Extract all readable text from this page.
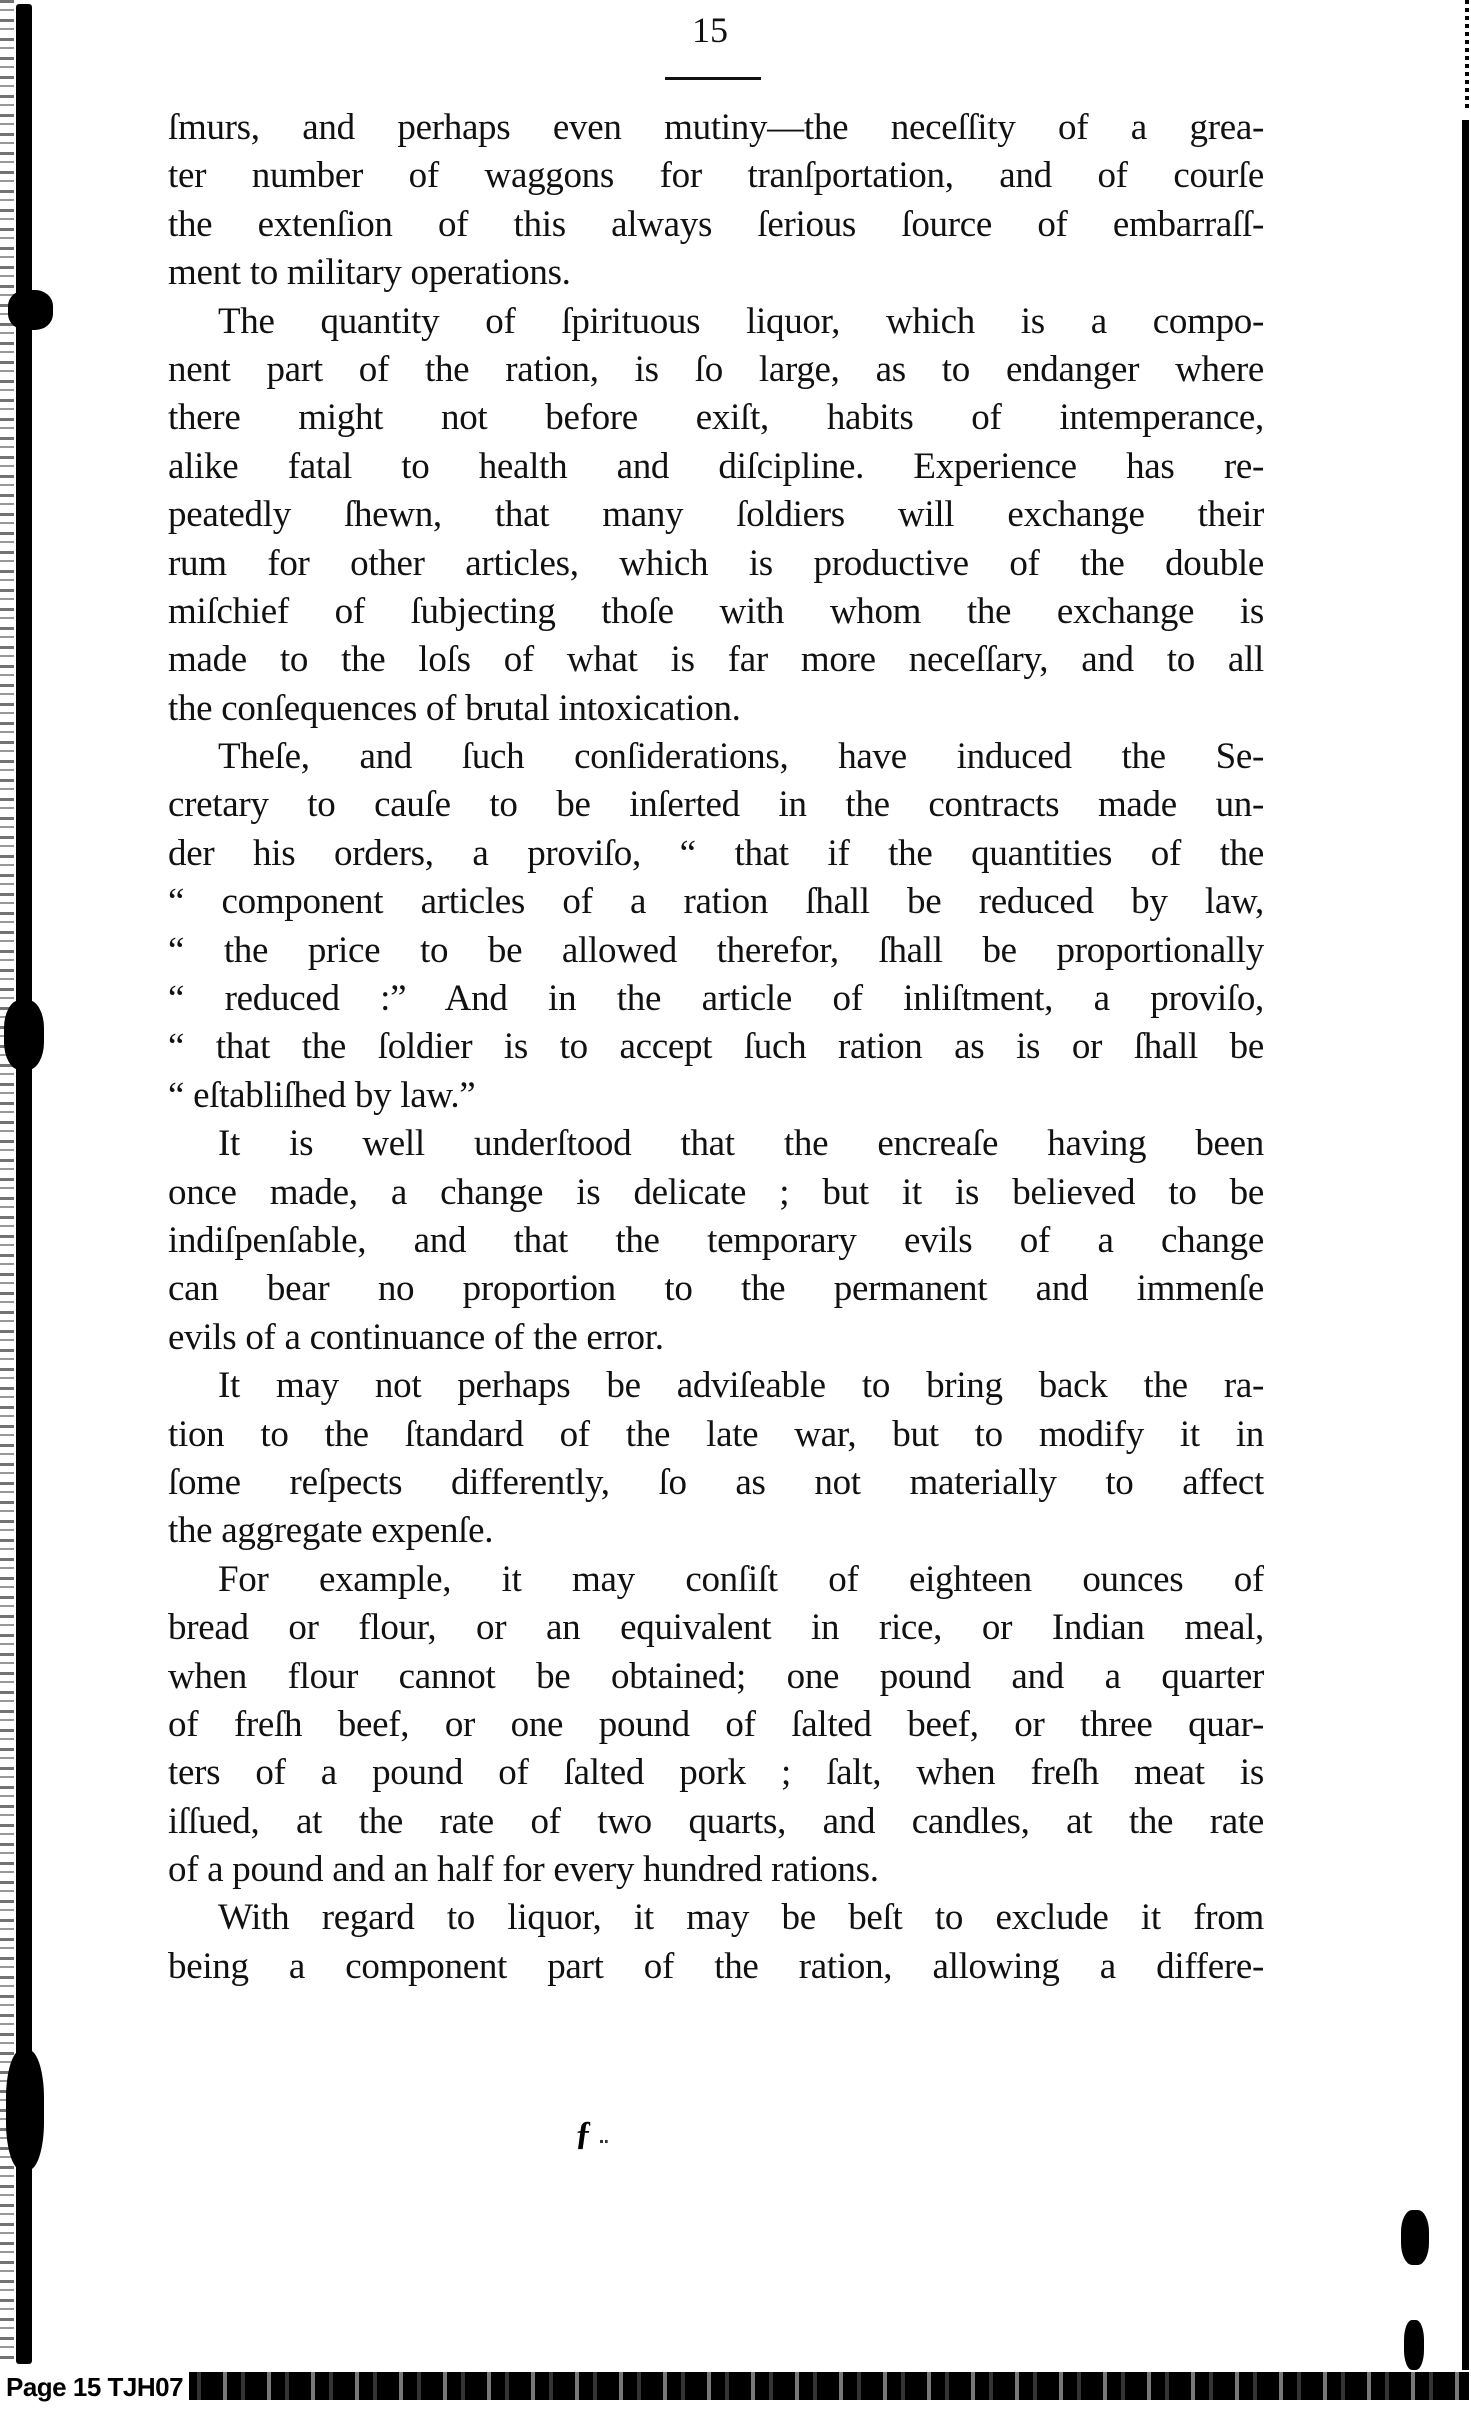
15
ſmurs, and perhaps even mutiny—the neceſſity of a grea-
ter number of waggons for tranſportation, and of courſe
the extenſion of this always ſerious ſource of embarraſſ-
ment to military operations.
The quantity of ſpirituous liquor, which is a compo-
nent part of the ration, is ſo large, as to endanger where
there might not before exiſt, habits of intemperance,
alike fatal to health and diſcipline. Experience has re-
peatedly ſhewn, that many ſoldiers will exchange their
rum for other articles, which is productive of the double
miſchief of ſubjecting thoſe with whom the exchange is
made to the loſs of what is far more neceſſary, and to all
the conſequences of brutal intoxication.
Theſe, and ſuch conſiderations, have induced the Se-
cretary to cauſe to be inſerted in the contracts made un-
der his orders, a proviſo, “ that if the quantities of the
“ component articles of a ration ſhall be reduced by law,
“ the price to be allowed therefor, ſhall be proportionally
“ reduced :” And in the article of inliſtment, a proviſo,
“ that the ſoldier is to accept ſuch ration as is or ſhall be
“ eſtabliſhed by law.”
It is well underſtood that the encreaſe having been
once made, a change is delicate ; but it is believed to be
indiſpenſable, and that the temporary evils of a change
can bear no proportion to the permanent and immenſe
evils of a continuance of the error.
It may not perhaps be adviſeable to bring back the ra-
tion to the ſtandard of the late war, but to modify it in
ſome reſpects differently, ſo as not materially to affect
the aggregate expenſe.
For example, it may conſiſt of eighteen ounces of
bread or flour, or an equivalent in rice, or Indian meal,
when flour cannot be obtained; one pound and a quarter
of freſh beef, or one pound of ſalted beef, or three quar-
ters of a pound of ſalted pork ; ſalt, when freſh meat is
iſſued, at the rate of two quarts, and candles, at the rate
of a pound and an half for every hundred rations.
With regard to liquor, it may be beſt to exclude it from
being a component part of the ration, allowing a differe-
ƒ
Page 15 TJH07
